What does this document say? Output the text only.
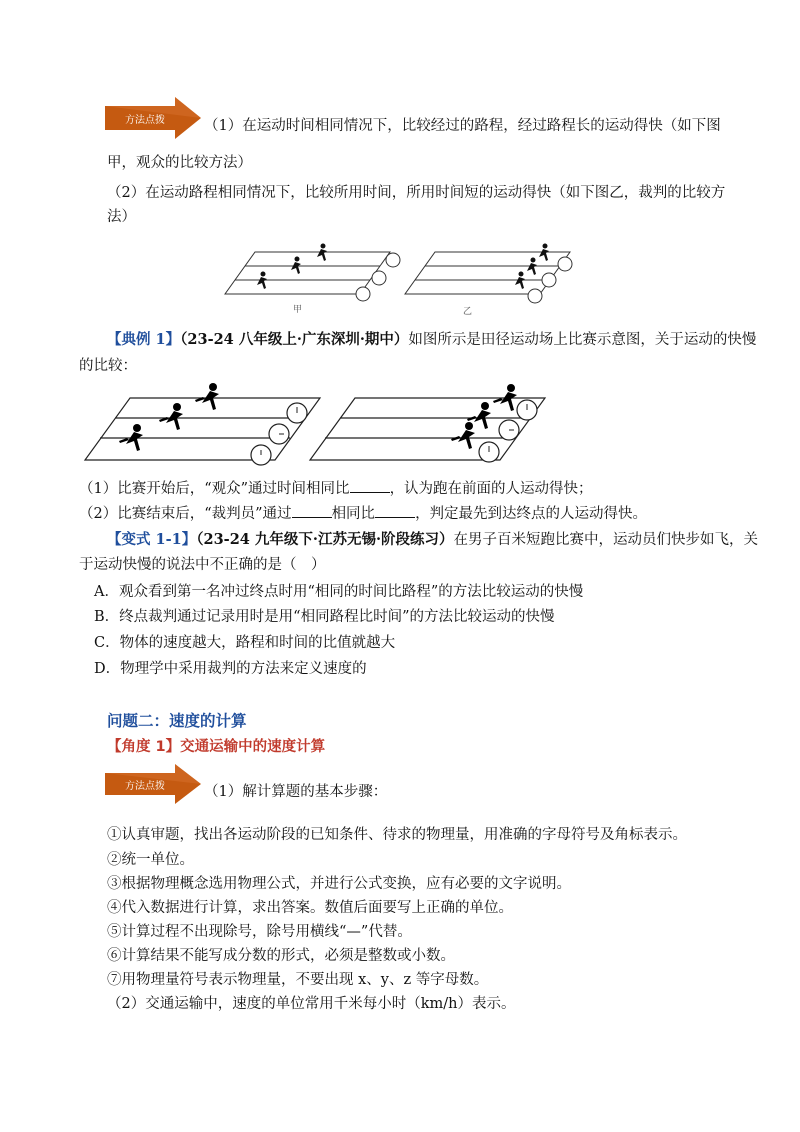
方法点拨	（1）在运动时间相同情况下，比较经过的路程，经过路程长的运动得快（如下图
甲，观众的比较方法）
（2）在运动路程相同情况下，比较所用时间，所用时间短的运动得快（如下图乙，裁判的比较方
法）
甲	乙
【典例 1】（23-24 八年级上·广东深圳·期中）如图所示是田径运动场上比赛示意图，关于运动的快慢
的比较：
（1）比赛开始后，“观众”通过时间相同比	，认为跑在前面的人运动得快；
（2）比赛结束后，“裁判员”通过	相同比	，判定最先到达终点的人运动得快。
【变式 1-1】（23-24 九年级下·江苏无锡·阶段练习）在男子百米短跑比赛中，运动员们快步如飞，关
于运动快慢的说法中不正确的是（　）
A．观众看到第一名冲过终点时用“相同的时间比路程”的方法比较运动的快慢
B．终点裁判通过记录用时是用“相同路程比时间”的方法比较运动的快慢
C．物体的速度越大，路程和时间的比值就越大
D．物理学中采用裁判的方法来定义速度的
问题二：速度的计算
【角度 1】交通运输中的速度计算
方法点拨	（1）解计算题的基本步骤：
①认真审题，找出各运动阶段的已知条件、待求的物理量，用准确的字母符号及角标表示。
②统一单位。
③根据物理概念选用物理公式，并进行公式变换，应有必要的文字说明。
④代入数据进行计算，求出答案。数值后面要写上正确的单位。
⑤计算过程不出现除号，除号用横线“—”代替。
⑥计算结果不能写成分数的形式，必须是整数或小数。
⑦用物理量符号表示物理量，不要出现 x、y、z 等字母数。
（2）交通运输中，速度的单位常用千米每小时（km/h）表示。
